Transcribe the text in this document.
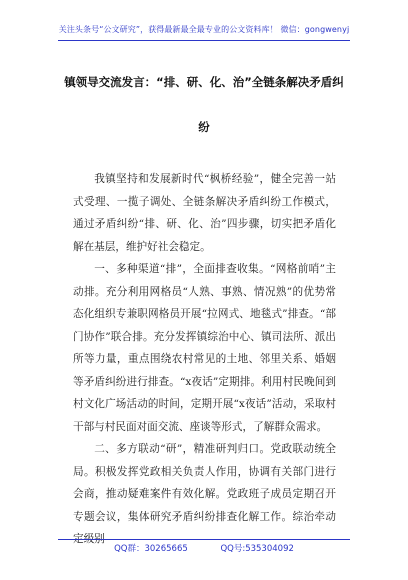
关注头条号“公文研究”，获得最新最全最专业的公文资料库！ 微信：gongwenyj
镇领导交流发言：“排、研、化、治”全链条解决矛盾纠
纷

我镇坚持和发展新时代“枫桥经验”，健全完善一站式受理、一揽子调处、全链条解决矛盾纠纷工作模式，通过矛盾纠纷“排、研、化、治”四步骤，切实把矛盾化解在基层，维护好社会稳定。

一、多种渠道“排”，全面排查收集。“网格前哨”主动排。充分利用网格员“人熟、事熟、情况熟”的优势常态化组织专兼职网格员开展“拉网式、地毯式”排查。“部门协作”联合排。充分发挥镇综治中心、镇司法所、派出所等力量，重点围绕农村常见的土地、邻里关系、婚姻等矛盾纠纷进行排查。“x夜话”定期排。利用村民晚间到村文化广场活动的时间，定期开展“x夜话”活动，采取村干部与村民面对面交流、座谈等形式，了解群众需求。

二、多方联动“研”，精准研判归口。党政联动统全局。积极发挥党政相关负责人作用，协调有关部门进行会商，推动疑难案件有效化解。党政班子成员定期召开专题会议，集体研究矛盾纠纷排查化解工作。综治牵动定级别

QQ群：30265665	QQ号:535304092
